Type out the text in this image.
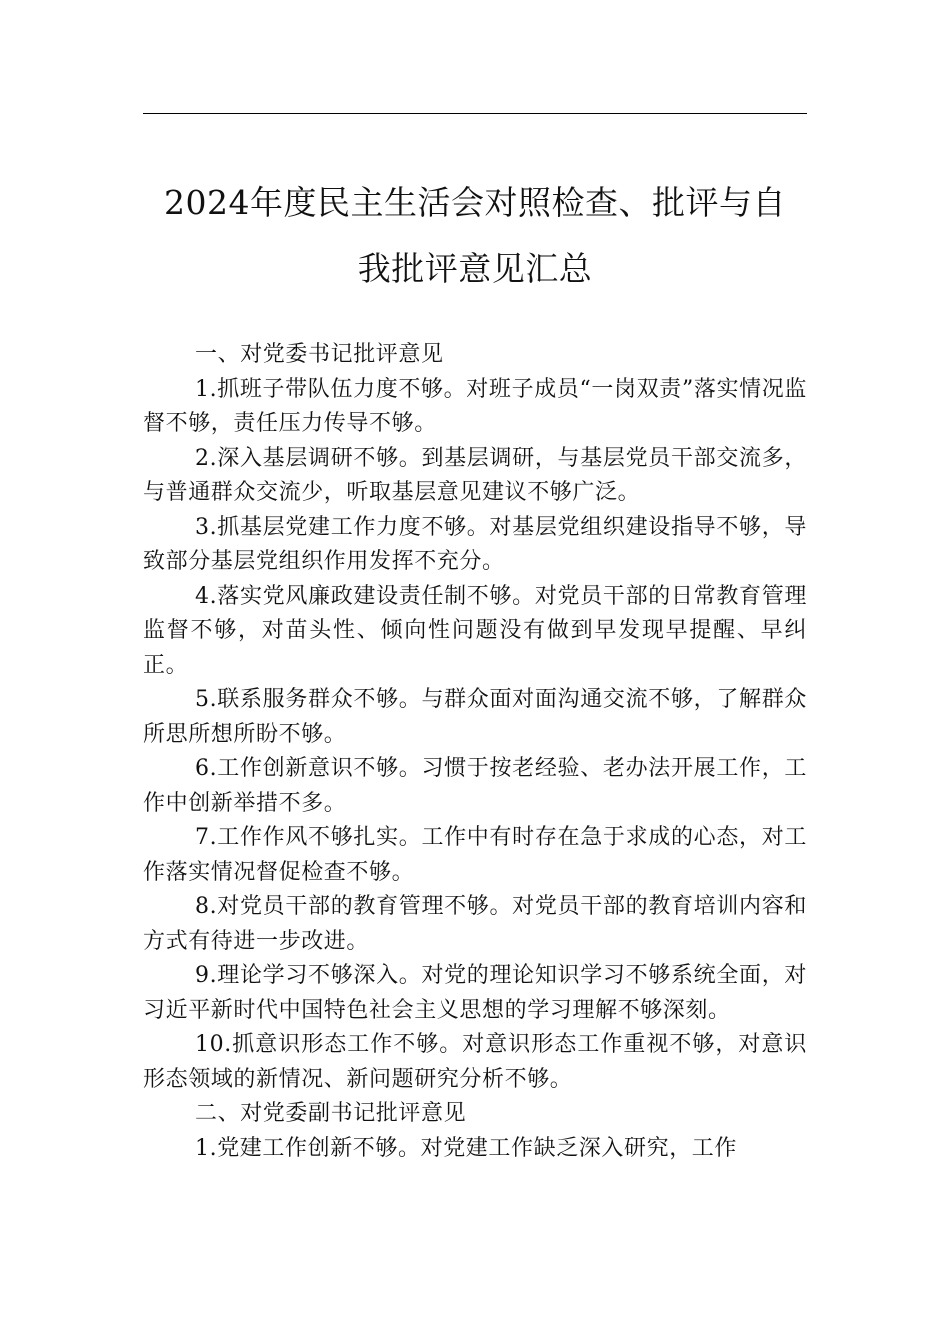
2024年度民主生活会对照检查、批评与自
我批评意见汇总

一、对党委书记批评意见

1.抓班子带队伍力度不够。对班子成员“一岗双责”落实情况监督不够，责任压力传导不够。

2.深入基层调研不够。到基层调研，与基层党员干部交流多，与普通群众交流少，听取基层意见建议不够广泛。

3.抓基层党建工作力度不够。对基层党组织建设指导不够，导致部分基层党组织作用发挥不充分。

4.落实党风廉政建设责任制不够。对党员干部的日常教育管理监督不够，对苗头性、倾向性问题没有做到早发现早提醒、早纠正。

5.联系服务群众不够。与群众面对面沟通交流不够，了解群众所思所想所盼不够。

6.工作创新意识不够。习惯于按老经验、老办法开展工作，工作中创新举措不多。

7.工作作风不够扎实。工作中有时存在急于求成的心态，对工作落实情况督促检查不够。

8.对党员干部的教育管理不够。对党员干部的教育培训内容和方式有待进一步改进。

9.理论学习不够深入。对党的理论知识学习不够系统全面，对习近平新时代中国特色社会主义思想的学习理解不够深刻。

10.抓意识形态工作不够。对意识形态工作重视不够，对意识形态领域的新情况、新问题研究分析不够。

二、对党委副书记批评意见

1.党建工作创新不够。对党建工作缺乏深入研究，工作
